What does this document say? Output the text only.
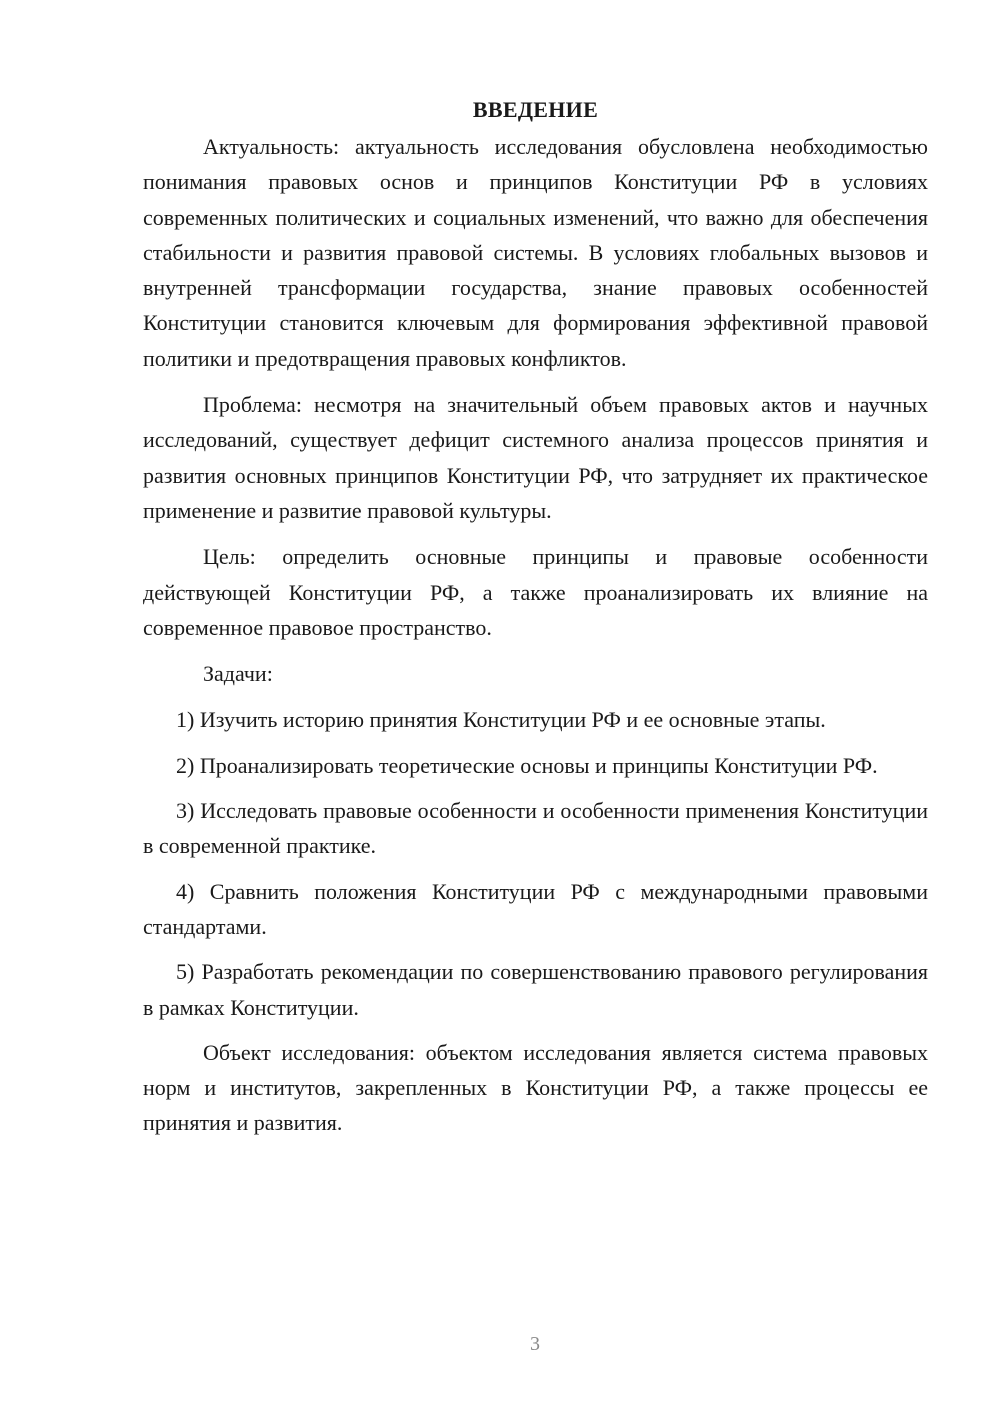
ВВЕДЕНИЕ

Актуальность: актуальность исследования обусловлена необходимостью понимания правовых основ и принципов Конституции РФ в условиях современных политических и социальных изменений, что важно для обеспечения стабильности и развития правовой системы. В условиях глобальных вызовов и внутренней трансформации государства, знание правовых особенностей Конституции становится ключевым для формирования эффективной правовой политики и предотвращения правовых конфликтов.

Проблема: несмотря на значительный объем правовых актов и научных исследований, существует дефицит системного анализа процессов принятия и развития основных принципов Конституции РФ, что затрудняет их практическое применение и развитие правовой культуры.

Цель: определить основные принципы и правовые особенности действующей Конституции РФ, а также проанализировать их влияние на современное правовое пространство.

Задачи:

1) Изучить историю принятия Конституции РФ и ее основные этапы.

2) Проанализировать теоретические основы и принципы Конституции РФ.

3) Исследовать правовые особенности и особенности применения Конституции в современной практике.

4) Сравнить положения Конституции РФ с международными правовыми стандартами.

5) Разработать рекомендации по совершенствованию правового регулирования в рамках Конституции.

Объект исследования: объектом исследования является система правовых норм и институтов, закрепленных в Конституции РФ, а также процессы ее принятия и развития.

3
